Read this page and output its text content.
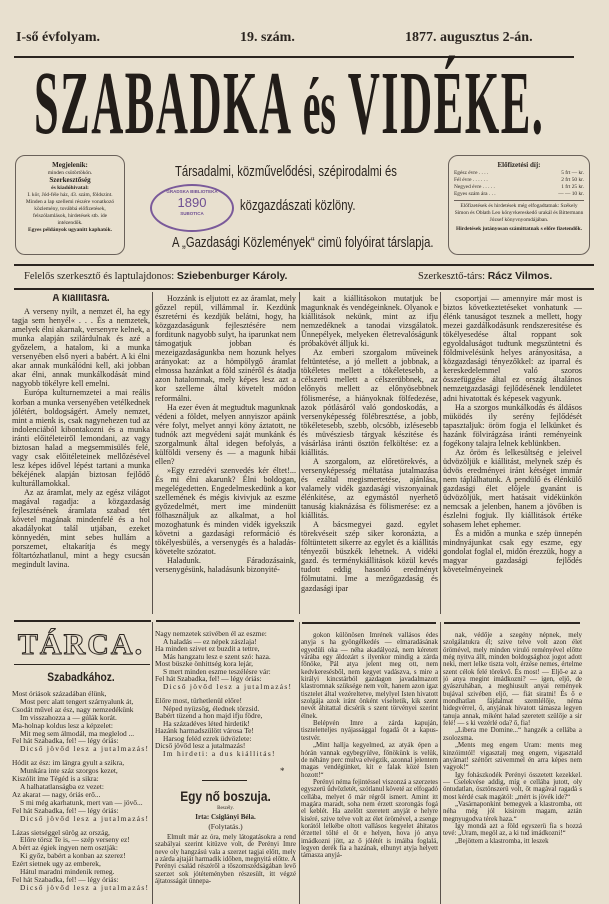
I-ső évfolyam.	19. szám.	1877. augusztus 2-án.
SZABADKA és VIDÉKE.
Megjelenik:
minden csütörtökön.
Szerkesztőség
és kiadóhivatal:
I. kör, Jód-féle ház, 43. szám, földszint.
Minden a lap szellemi részére vonatkozó közlemény, továbbá előfizetések, felszólamlások, hirdetések stb. ide intézendők.
Egyes példányok ugyanitt kaphatók.
Társadalmi, közművelődési, szépirodalmi és
közgazdászati közlöny.
A „Gazdasági Közlemények“ cimü folyóirat társlapja.
GRADSKA BIBLIOTEKA
1890
SUBOTICA
Előfizetési díj:
Egész évre . . . .	5 frt — kr.
Fél évre . . . . . .	2 frt 50 kr.
Negyed évre . . . . .	1 frt 25 kr.
Egyes szám ára . . .	— — 10 kr.
Előfizetések és hirdetések még elfogadtatnak: Székely Simon és Oblath Leo könyvkereskedő urakál és Bittermann József könyvnyomdájában.
Hirdetések jutányosan számittatnak s előre fizetendők.
Felelős szerkesztő és laptulajdonos: Sziebenburger Károly.	Szerkesztő-társ: Rácz Vilmos.
A kiállitásra.

A verseny nyilt, a nemzet él, ha egy tagja sem henyél« . . . És a nemzetek, amelyek élni akarnak, versenyre kelnek, a munka alapján szilárdulnak és azé a győzelem, a hatalom, ki a munka versenyében első nyeri a babért. A ki élni akar annak munkálódni kell, aki jobban akar élni, annak munkálkodását mind nagyobb tökélyre kell emelni.

Európa kulturnemzetei a mai reális korban a munka versenyében vetélkednek jólétért, boldogságért. Amely nemzet, mint a mienk is, csak nagynehezen tud az indolenciából kibontakozni és a munka iránti előitéleteiről lemondani, az vagy biztosan halad a megsemmisülés felé, vagy csak előitéleteinek mellőzésével lesz képes idővel lépést tartani a munka békéjének alapján biztosan fejlődő kulturállamokkal.

Az az áramlat, mely az egész világot magával ragadja: a közgazdaság fejlesztésének áramlata szabad tért követel magának mindenfelé és a hol akadályokat talál utjában, ezeket könnyedén, mint sebes hullám a porszemet, eltakarítja és megy föltartózhatlanul, mint a hegy csucsán megindult lavina.

Hozzánk is eljutott ez az áramlat, mely gőzzel repül, villámmal ír. Kezdünk észretérni és kezdjük belátni, hogy, ha közgazdaságunk fejlesztésére nem forditunk nagyobb sulyt, ha iparunkat nem támogatjuk jobban és mezeigazdaságunkba nem hozunk helyes arányokat: az a hömpölygő áramlat elmossa hazánkat a föld szinéről és átadja azon hatalomnak, mely képes lesz azt a kor szelleme által követelt módon reformálni.

Ha ezer éven át megtudtuk magunknak védeni a földet, melyen annyiszor apáink vére folyt, melyet annyi köny áztatott, ne tudnók azt megvédeni saját munkánk és szorgalmunk által idegen befolyás, a külföldi verseny és — a magunk hibái ellen?

»Egy ezredévi szenvedés kér éltet!... És mi élni akarunk? Élni boldogan, megelégedetten. Engedelmeskedünk a kor szellemének és mégis kivivjuk az eszme győzedelmét, mert ime mindenütt fölhasználjuk az alkalmat, a hol mozoghatunk és minden vidék igyekszik követni a gazdasági reformáció és tökélyesbülés, a versenygés és a haladás-követelte szózatot.

Haladunk. Fáradozásaink, versenygésünk, haladásunk bizonyité-

kait a kiállitásokon mutatjuk be magunknak és vendégeinknek. Olyanok e kiállitások nekünk, mint az ifju nemzedéknek a tanodai vizsgálatok. Ünnepélyek, melyeken életrevalóságunk próbakövét álljuk ki.

Az emberi szorgalom műveinek feltüntetése, a jó mellett a jobbnak, a tökéletes mellett a tökéletesebb, a célszerü mellett a célszerübbnek, az előnyös mellett az előnyösebbnek fölismerése, a hiányoknak fölfedezése, azok pótlásáról való gondoskodás, a versenyképesség fölébresztése, a jobb, tökéletesebb, szebb, olcsóbb, izlésesebb és müvésziesb tárgyak készitése és vásárlása iránti ösztön felköltése: ez a kiállitás.

A szorgalom, az előretörekvés, a versenyképesség méltatása jutalmazása és ezáltal megismertetése, ajánlása, valamely vidék gazdasági viszonyainak élénkitése, az egymástól nyerhető tanuság kiaknázása és fölismerése: ez a kiállitás.

A bácsmegyei gazd. egylet törekvéseit szép siker koronázta, a föltüntetett sikerre az egylet és a kiállitás tényezői büszkék lehetnek. A vidéki gazd. és terménykiállitások közül kevés tudott eddig hasonló eredményt fölmutatni. Ime a mezőgazdaság és gazdasági ipar

csoportjai — amennyire már most is biztos következtetéseket vonhatunk — élénk tanuságot tesznek a mellett, hogy mezei gazdálkodásunk rendszeresitése és tökélyesedése által roppant sok egyoldaluságot tudtunk megszüntetni és földmivelésünk helyes arányositása, a közgazdasági tényezőkkel: az iparral és kereskedelemmel való szoros összefüggése által ez ország általános nemzetgazdasági fejlődésének lendületet adni hivatottak és képesek vagyunk.

Ha a szorgos munkálkodás és áldásos müködés ily serény fejlődését tapasztaljuk: öröm fogja el lelkünket és hazánk fölvirágzása iránti reményeink fogékony talajra lelnek keblünkben.

Az öröm és lelkesültség e jeleivel üdvözöljük e kiállitást, melynek szép és üdvös eredményei iránt kétséget immár nem táplálhatunk. A pendülő és élénkülő gazdasági élet előjele gyanánt is üdvözöljük, mert hatásait vidékünkön nemcsak a jelenben, hanem a jövőben is észlelni fogjuk. Ily kiállitások értéke sohasem lehet ephemer.

És a midőn a munka e szép ünnepén mindnyájunkat csak egy eszme, egy gondolat foglal el, midőn érezzük, hogy a magyar gazdasági fejlődés követelményeinek

TÁRCA.
Szabadkához.
Most óriások századában élünk,
Most perc alatt tengert szárnyalunk át,
Csodát művel az ész, nagy nemzedékünk
Im visszahozza a — gúlák korát.
Ma-holnap koldus lesz a képzelet:
Mit meg sem álmodál, ma meglelod ...
Fel hát Szabadka, fel! — légy óriás:
Dicső jövőd lesz a jutalmazás!
Hódit az ész: im lángra gyult a szikra,
Munkára inte száz szorgos kezet,
Kiszólit íme Tégéd is a sikra:
A halhatatlanságba ez vezet:
Az akarat — nagy, óriás erő...
S mi még akarhatunk, mert van — jövő...
Fel hát Szabadka, fel! — légy óriás:
Dicső jövőd lesz a jutalmazás!
Lázas sietséggel sürög az ország,
Előre törsz Te is, — szép verseny ez!
A bért az égiek ingyen nem osztják:
Ki győz, babért a konban az szerez!
Ezért sietnek ugy az emberek,
Hátul maradni mindenik remeg.
Fel hát Szabadka, fel! — légy óriás:
Dicső jövőd lesz a jutalmazás!
Nagy nemzetek szivében él az eszme:
A haladás — ez népek zászlaja!
Ha minden szivet ez buzdit a tettre,
Más hangzatu lesz e szent szó: haza.
Most büszke önhittség kora lejár,
S mert minden eszme teszélésre vár:
Fel hát Szabadka, fel! — légy óriás:
Dicső jövőd lesz a jutalmazás!
Előre most, türhetlenül előre!
Néped nyüzsög, élednek törzsid.
Babért tüzend a hon majd ifju födre,
Ha századéves léted hirdetik!
Hazánk harmadszülött városa Te!
Harsog feléd ezrek üdvözlete:
Dicső jövőd lesz a jutalmazás!
Im hirdeti: a dus kiállitás!
*
Egy nő boszuja.
Beszély.
Irta: Csiglányi Béla.
(Folytatás.)

Elmult már az óra, mely látogatásokra a rend szabályai szerint kitüzve volt, de Perényi Imre neve oly hangzású vala a szerzet tagjai előtt, mely a zárda ajtaját harmadik időben, megnyitá előtte. A Perényi család részéről a tőszomszédságában levő szerzet sok jótéteményben részesült, itt végzé ájtatosságát ünnepa-

gokon különösen Imrének vallásos édes anyja s ha gyöngélkedés — elmaradásának egyedüli oka — néha akadályozá, nem kéretett várába egy áldozárt s ilyenkor mindig a zárda főnöke, Pál atya jelent meg ott, nem kedvkeresésből, nem kegyet vadászva, s mire a királyi kincstárból gazdagon javadalmazott klastromnak szüksége nem volt, hanem azon igaz tisztelet által vezéreltetve, melylyel Isten hivatott szolgája azok iránt önként viseltetik, kik szent nevét áhitattal dicsérik s szent törvényei szerint élnek.

Belépvén Imre a zárda kapuján, tiszteletteljes nyájassággal fogadá őt a kapus-testvér.

„Mint hallja kegyelmed, az atyák épen a hórán vannak egybegyülve, főnökünk is velük, de néhány perc mulva elvégzik, azonnal jelentem magas vendégünket, kit e falak közé Isten hozott!“

Perényi néma fejintéssel viszonzá a szerzetes egyszerü üdvözletét, szótlanul követé az elfogadó cellába, melyet ő már régről ismert. Amint itt magára maradt, soha nem érzett szorongás fogá el keblét. Ha azelőtt szeretett anyját e helyre kiséré, szive telve volt az élet örömével, a zsenge korától lelkébe oltott vallásos kegyelet áhitatos érzettel tölté el őt e helyen, hova jó anya imádkozni jött, az ő jólétét is imáiba foglalá, legyen derék fia a hazának, elhunyt atyja helyett támasza anyjá-

nak, védője a szegény népnek, mely szolgálatukra él; szive telve volt azon élet örömével, mely minden viruló reményével előtte még nyitva állt, minden boldogsághoz jogot adott neki, mert lelke tiszta volt, érzése nemes, értelme szent célok felé törekvő. És most! — Eljő-e az a jó anya megint imádkozni? — igen, eljő, de gyászruhában, a meghiusult anyai remények bujával szivében eljő, — fiát siratni! És ő e mondhatlan fájdalmat szemlélője, néma hidegvérrel, ő, anyjának hivatott támasza legyen tanuja annak, miként halad szeretett szülője a sir felé! — s ki vezérlé oda? ő, fia!

„Libera me Domine...“ hangzék a cellába a zsolozsma.

„Ments meg engem Uram: ments meg kinzóimtól! vigasztalj meg engem, vigasztald anyámat! széttört szivemmel én arra képes nem vagyok!“

Igy fohászkodék Perényi összetett kezekkel. — Cselekvése addig, míg e cellába jutott, oly öntudatlan, ösztönszerü volt, őt magával ragadá s most kérdé csak magától: „mért is jövék ide?“

„Vasárnaponkint bemegyek a klastromba, ott néha még jól kisirom magam, aztán megnyugodva térek haza.“

Igy mondá azt a föld egyszerü fia s hozzá tevé: „Uram, megöl az, a ki tud imádkozni!“

„Bejöttem a klastromba, itt leszek
